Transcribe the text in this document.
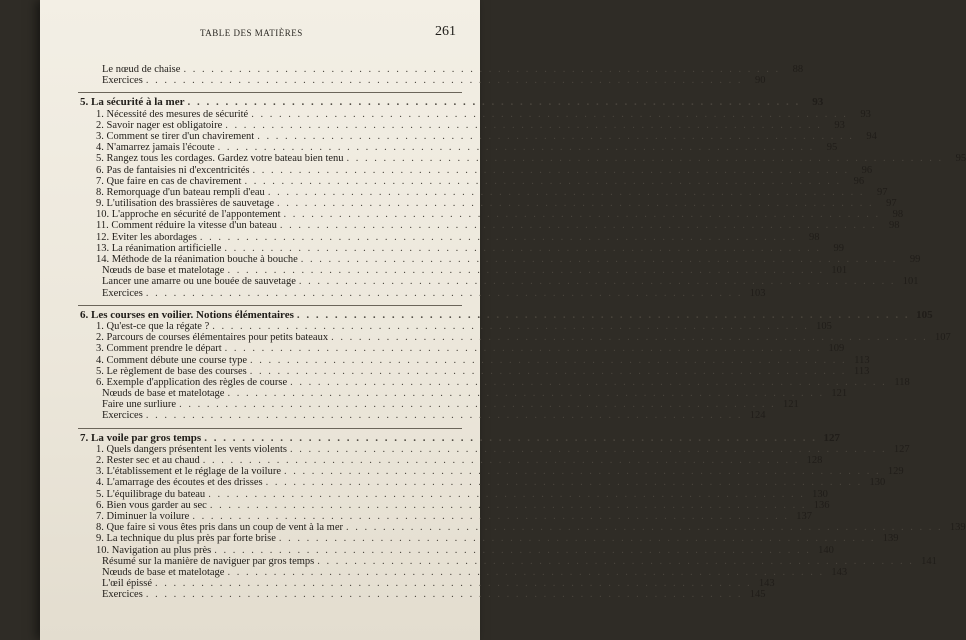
TABLE DES MATIÈRES	261
Le nœud de chaise . . .	88
Exercices . . .	90
5. La sécurité à la mer . . .	93
1. Nécessité des mesures de sécurité . . .	93
2. Savoir nager est obligatoire . . .	93
3. Comment se tirer d'un chavirement . . .	94
4. N'amarrez jamais l'écoute . . .	95
5. Rangez tous les cordages. Gardez votre bateau bien tenu . . .	95
6. Pas de fantaisies ni d'excentricités . . .	96
7. Que faire en cas de chavirement . . .	96
8. Remorquage d'un bateau rempli d'eau . . .	97
9. L'utilisation des brassières de sauvetage . . .	97
10. L'approche en sécurité de l'appontement . . .	98
11. Comment réduire la vitesse d'un bateau . . .	98
12. Eviter les abordages . . .	98
13. La réanimation artificielle . . .	99
14. Méthode de la réanimation bouche à bouche . . .	99
Nœuds de base et matelotage . . .	101
Lancer une amarre ou une bouée de sauvetage . . .	101
Exercices . . .	103
6. Les courses en voilier. Notions élémentaires . . .	105
1. Qu'est-ce que la régate ? . . .	105
2. Parcours de courses élémentaires pour petits bateaux . . .	107
3. Comment prendre le départ . . .	109
4. Comment débute une course type . . .	113
5. Le règlement de base des courses . . .	113
6. Exemple d'application des règles de course . . .	118
Nœuds de base et matelotage . . .	121
Faire une surliure . . .	121
Exercices . . .	124
7. La voile par gros temps . . .	127
1. Quels dangers présentent les vents violents . . .	127
2. Rester sec et au chaud . . .	128
3. L'établissement et le réglage de la voilure . . .	129
4. L'amarrage des écoutes et des drisses . . .	130
5. L'équilibrage du bateau . . .	130
6. Bien vous garder au sec . . .	136
7. Diminuer la voilure . . .	137
8. Que faire si vous êtes pris dans un coup de vent à la mer . . .	139
9. La technique du plus près par forte brise . . .	139
10. Navigation au plus près . . .	140
Résumé sur la manière de naviguer par gros temps . . .	141
Nœuds de base et matelotage . . .	143
L'œil épissé . . .	143
Exercices . . .	145
